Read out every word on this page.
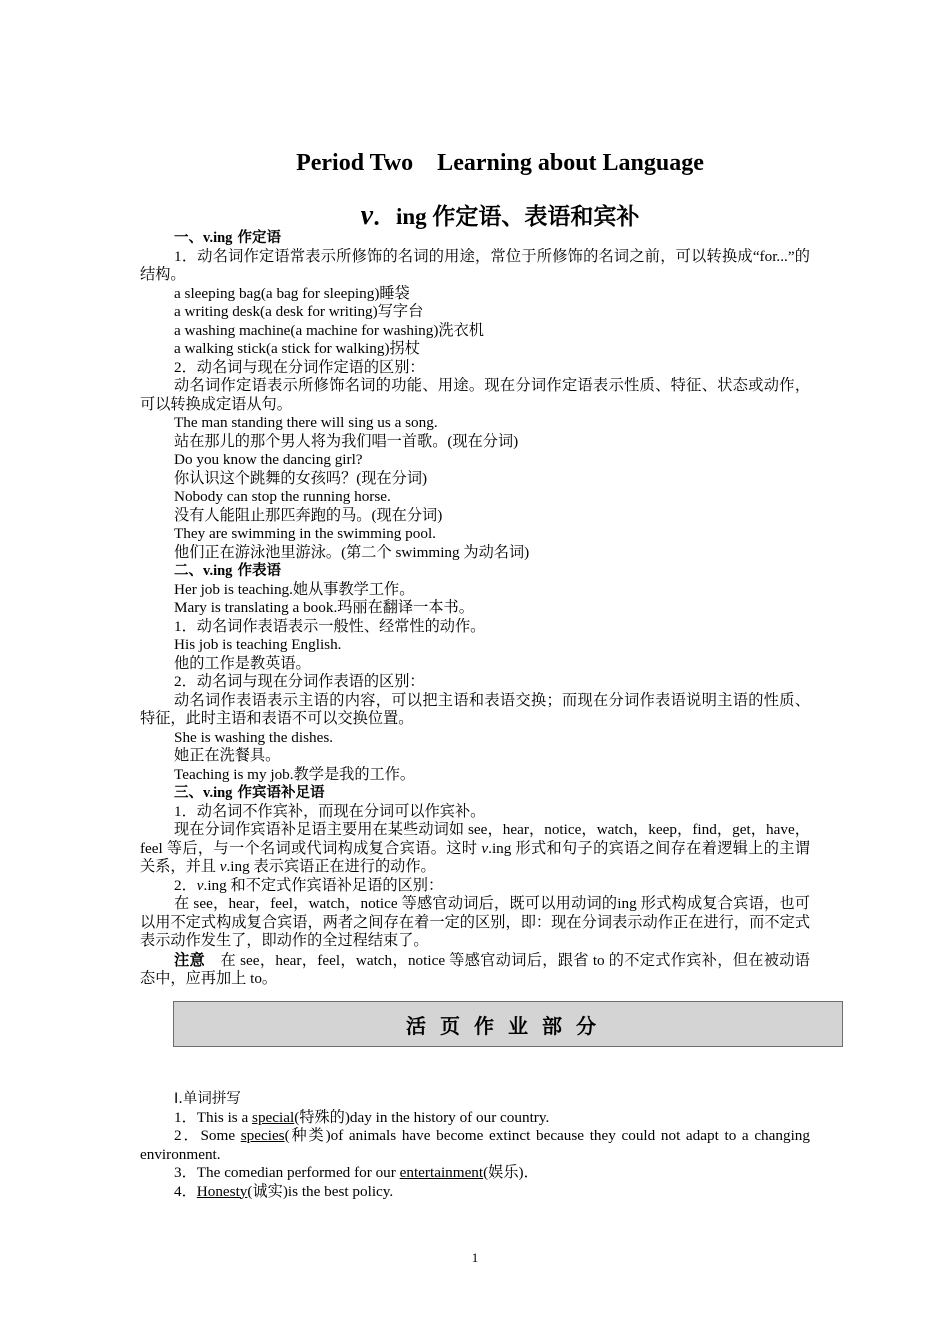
Period Two　Learning about Language
v．ing 作定语、表语和宾补

一、v.ing 作定语

1．动名词作定语常表示所修饰的名词的用途，常位于所修饰的名词之前，可以转换成“for...”的结构。

a sleeping bag(a bag for sleeping)睡袋

a writing desk(a desk for writing)写字台

a washing machine(a machine for washing)洗衣机

a walking stick(a stick for walking)拐杖

2．动名词与现在分词作定语的区别：

动名词作定语表示所修饰名词的功能、用途。现在分词作定语表示性质、特征、状态或动作，可以转换成定语从句。

The man standing there will sing us a song.

站在那儿的那个男人将为我们唱一首歌。(现在分词)

Do you know the dancing girl?

你认识这个跳舞的女孩吗？(现在分词)

Nobody can stop the running horse.

没有人能阻止那匹奔跑的马。(现在分词)

They are swimming in the swimming pool.

他们正在游泳池里游泳。(第二个 swimming 为动名词)

二、v.ing 作表语

Her job is teaching.她从事教学工作。

Mary is translating a book.玛丽在翻译一本书。

1．动名词作表语表示一般性、经常性的动作。

His job is teaching English.

他的工作是教英语。

2．动名词与现在分词作表语的区别：

动名词作表语表示主语的内容，可以把主语和表语交换；而现在分词作表语说明主语的性质、特征，此时主语和表语不可以交换位置。

She is washing the dishes.

她正在洗餐具。

Teaching is my job.教学是我的工作。

三、v.ing 作宾语补足语

1．动名词不作宾补，而现在分词可以作宾补。

现在分词作宾语补足语主要用在某些动词如 see，hear，notice，watch，keep，find，get，have，feel 等后，与一个名词或代词构成复合宾语。这时 v.ing 形式和句子的宾语之间存在着逻辑上的主谓关系，并且 v.ing 表示宾语正在进行的动作。

2．v.ing 和不定式作宾语补足语的区别：

在 see，hear，feel，watch，notice 等感官动词后，既可以用动词的ing 形式构成复合宾语，也可以用不定式构成复合宾语，两者之间存在着一定的区别，即：现在分词表示动作正在进行，而不定式表示动作发生了，即动作的全过程结束了。

注意　在 see，hear，feel，watch，notice 等感官动词后，跟省 to 的不定式作宾补，但在被动语态中，应再加上 to。

活页作业部分

Ⅰ.单词拼写

1．This is a special(特殊的)day in the history of our country.

2．Some species(种类)of animals have become extinct because they could not adapt to a changing environment.

3．The comedian performed for our entertainment(娱乐)．

4．Honesty(诚实)is the best policy.

1
